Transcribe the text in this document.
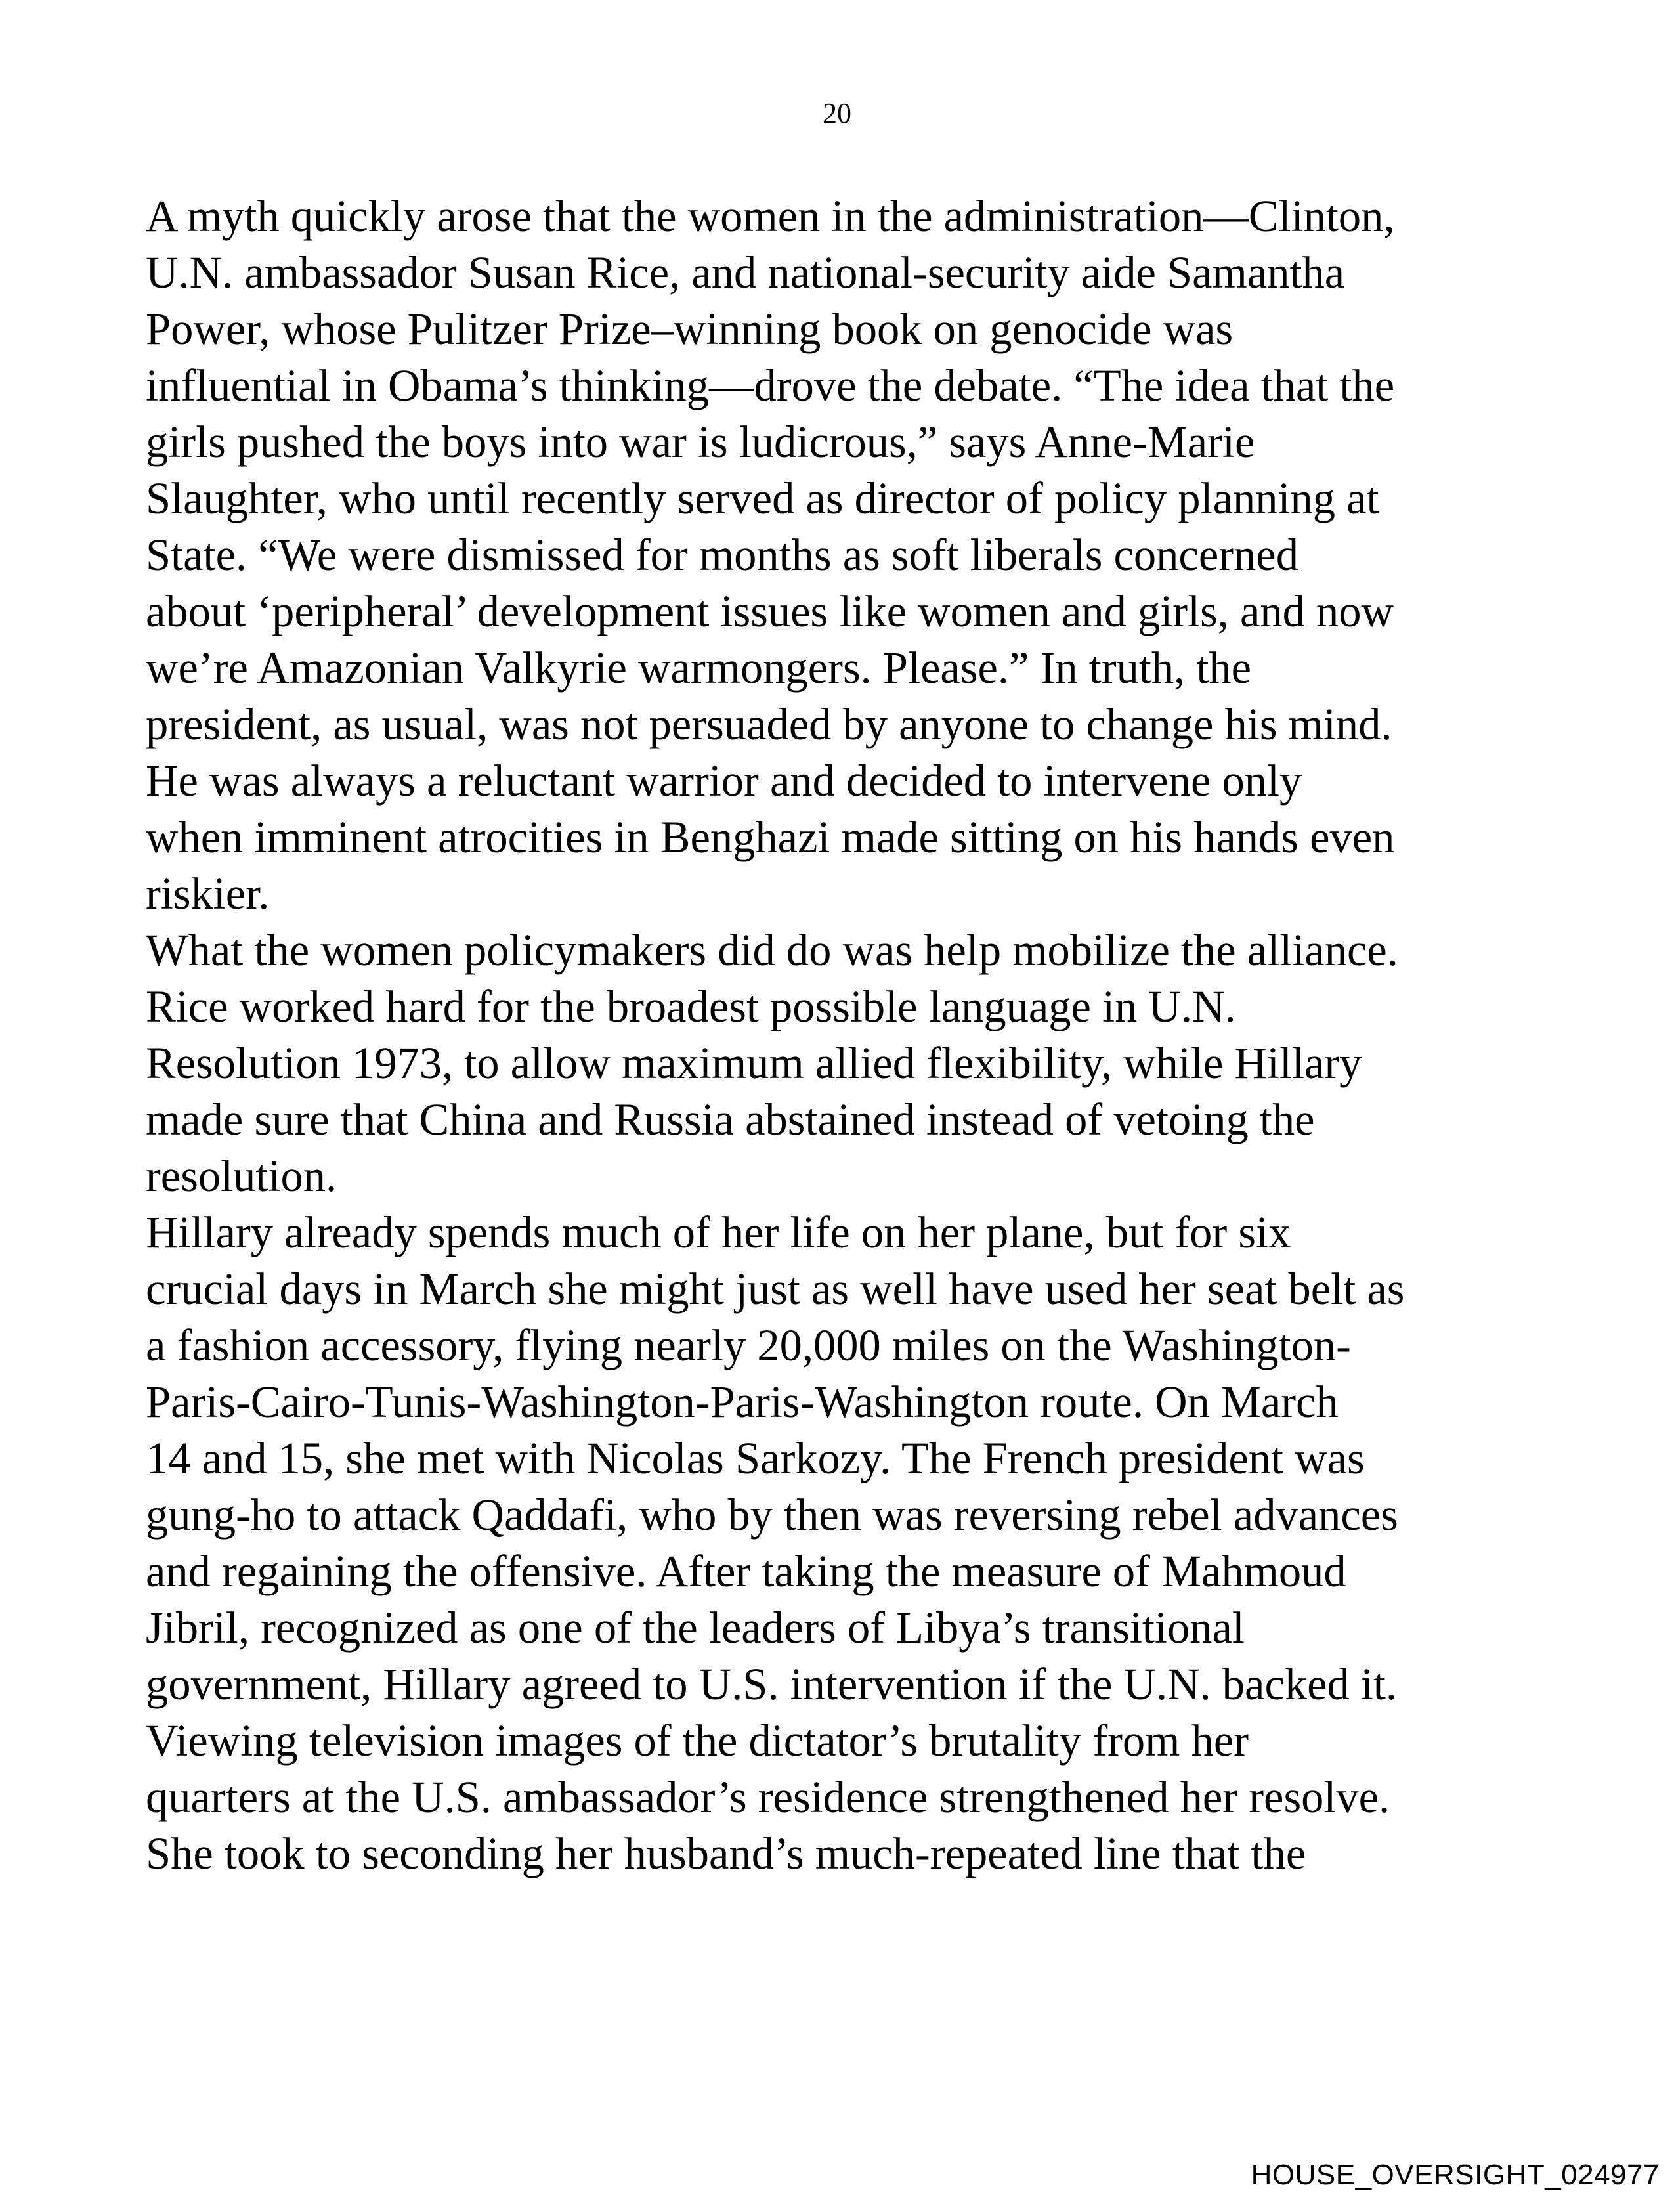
20
A myth quickly arose that the women in the administration—Clinton,
U.N. ambassador Susan Rice, and national-security aide Samantha
Power, whose Pulitzer Prize–winning book on genocide was
influential in Obama’s thinking—drove the debate. “The idea that the
girls pushed the boys into war is ludicrous,” says Anne-Marie
Slaughter, who until recently served as director of policy planning at
State. “We were dismissed for months as soft liberals concerned
about ‘peripheral’ development issues like women and girls, and now
we’re Amazonian Valkyrie warmongers. Please.” In truth, the
president, as usual, was not persuaded by anyone to change his mind.
He was always a reluctant warrior and decided to intervene only
when imminent atrocities in Benghazi made sitting on his hands even
riskier.
What the women policymakers did do was help mobilize the alliance.
Rice worked hard for the broadest possible language in U.N.
Resolution 1973, to allow maximum allied flexibility, while Hillary
made sure that China and Russia abstained instead of vetoing the
resolution.
Hillary already spends much of her life on her plane, but for six
crucial days in March she might just as well have used her seat belt as
a fashion accessory, flying nearly 20,000 miles on the Washington-
Paris-Cairo-Tunis-Washington-Paris-Washington route. On March
14 and 15, she met with Nicolas Sarkozy. The French president was
gung-ho to attack Qaddafi, who by then was reversing rebel advances
and regaining the offensive. After taking the measure of Mahmoud
Jibril, recognized as one of the leaders of Libya’s transitional
government, Hillary agreed to U.S. intervention if the U.N. backed it.
Viewing television images of the dictator’s brutality from her
quarters at the U.S. ambassador’s residence strengthened her resolve.
She took to seconding her husband’s much-repeated line that the
HOUSE_OVERSIGHT_024977
